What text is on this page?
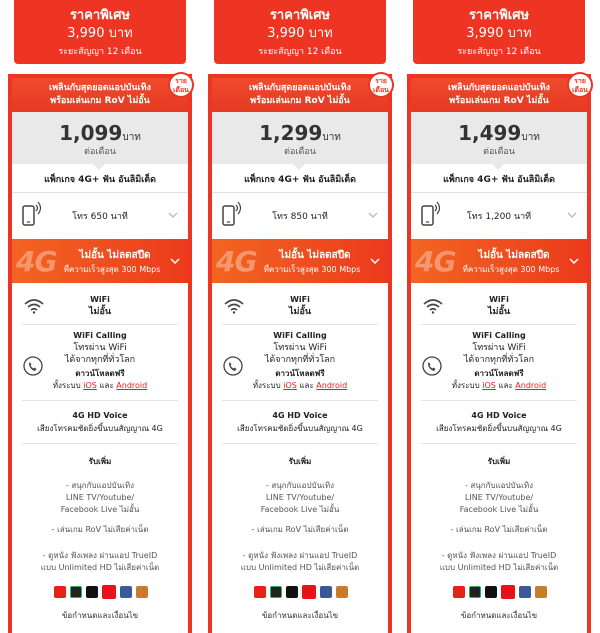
ราคาพิเศษ
3,990 บาท
ระยะสัญญา 12 เดือน
เพลินกับสุดยอดแอปบันเทิง
พร้อมเล่นเกม RoV ไม่อั้น
ราย
เดือน
1,099บาท
ต่อเดือน
แพ็กเกจ 4G+ ฟัน อันลิมิเต็ด
โทร 650 นาที
4G	ไม่อั้น ไม่ลดสปีด
ที่ความเร็วสูงสุด 300 Mbps
WiFi
ไม่อั้น
WiFi Calling
โทรผ่าน WiFi
ได้จากทุกที่ทั่วโลก
ดาวน์โหลดฟรี
ทั้งระบบ iOS และ Android
4G HD Voice
เสียงโทรคมชัดยิ่งขึ้นบนสัญญาณ 4G
รับเพิ่ม
- สนุกกับแอปบันเทิง
LINE TV/Youtube/
Facebook Live ไม่อั้น
- เล่นเกม RoV ไม่เสียค่าเน็ต
- ดูหนัง ฟังเพลง ผ่านแอป TrueID
แบบ Unlimited HD ไม่เสียค่าเน็ต
ข้อกำหนดและเงื่อนไข
ราคาพิเศษ
3,990 บาท
ระยะสัญญา 12 เดือน
เพลินกับสุดยอดแอปบันเทิง
พร้อมเล่นเกม RoV ไม่อั้น
ราย
เดือน
1,299บาท
ต่อเดือน
แพ็กเกจ 4G+ ฟัน อันลิมิเต็ด
โทร 850 นาที
4G	ไม่อั้น ไม่ลดสปีด
ที่ความเร็วสูงสุด 300 Mbps
WiFi
ไม่อั้น
WiFi Calling
โทรผ่าน WiFi
ได้จากทุกที่ทั่วโลก
ดาวน์โหลดฟรี
ทั้งระบบ iOS และ Android
4G HD Voice
เสียงโทรคมชัดยิ่งขึ้นบนสัญญาณ 4G
รับเพิ่ม
- สนุกกับแอปบันเทิง
LINE TV/Youtube/
Facebook Live ไม่อั้น
- เล่นเกม RoV ไม่เสียค่าเน็ต
- ดูหนัง ฟังเพลง ผ่านแอป TrueID
แบบ Unlimited HD ไม่เสียค่าเน็ต
ข้อกำหนดและเงื่อนไข
ราคาพิเศษ
3,990 บาท
ระยะสัญญา 12 เดือน
เพลินกับสุดยอดแอปบันเทิง
พร้อมเล่นเกม RoV ไม่อั้น
ราย
เดือน
1,499บาท
ต่อเดือน
แพ็กเกจ 4G+ ฟัน อันลิมิเต็ด
โทร 1,200 นาที
4G	ไม่อั้น ไม่ลดสปีด
ที่ความเร็วสูงสุด 300 Mbps
WiFi
ไม่อั้น
WiFi Calling
โทรผ่าน WiFi
ได้จากทุกที่ทั่วโลก
ดาวน์โหลดฟรี
ทั้งระบบ iOS และ Android
4G HD Voice
เสียงโทรคมชัดยิ่งขึ้นบนสัญญาณ 4G
รับเพิ่ม
- สนุกกับแอปบันเทิง
LINE TV/Youtube/
Facebook Live ไม่อั้น
- เล่นเกม RoV ไม่เสียค่าเน็ต
- ดูหนัง ฟังเพลง ผ่านแอป TrueID
แบบ Unlimited HD ไม่เสียค่าเน็ต
ข้อกำหนดและเงื่อนไข
